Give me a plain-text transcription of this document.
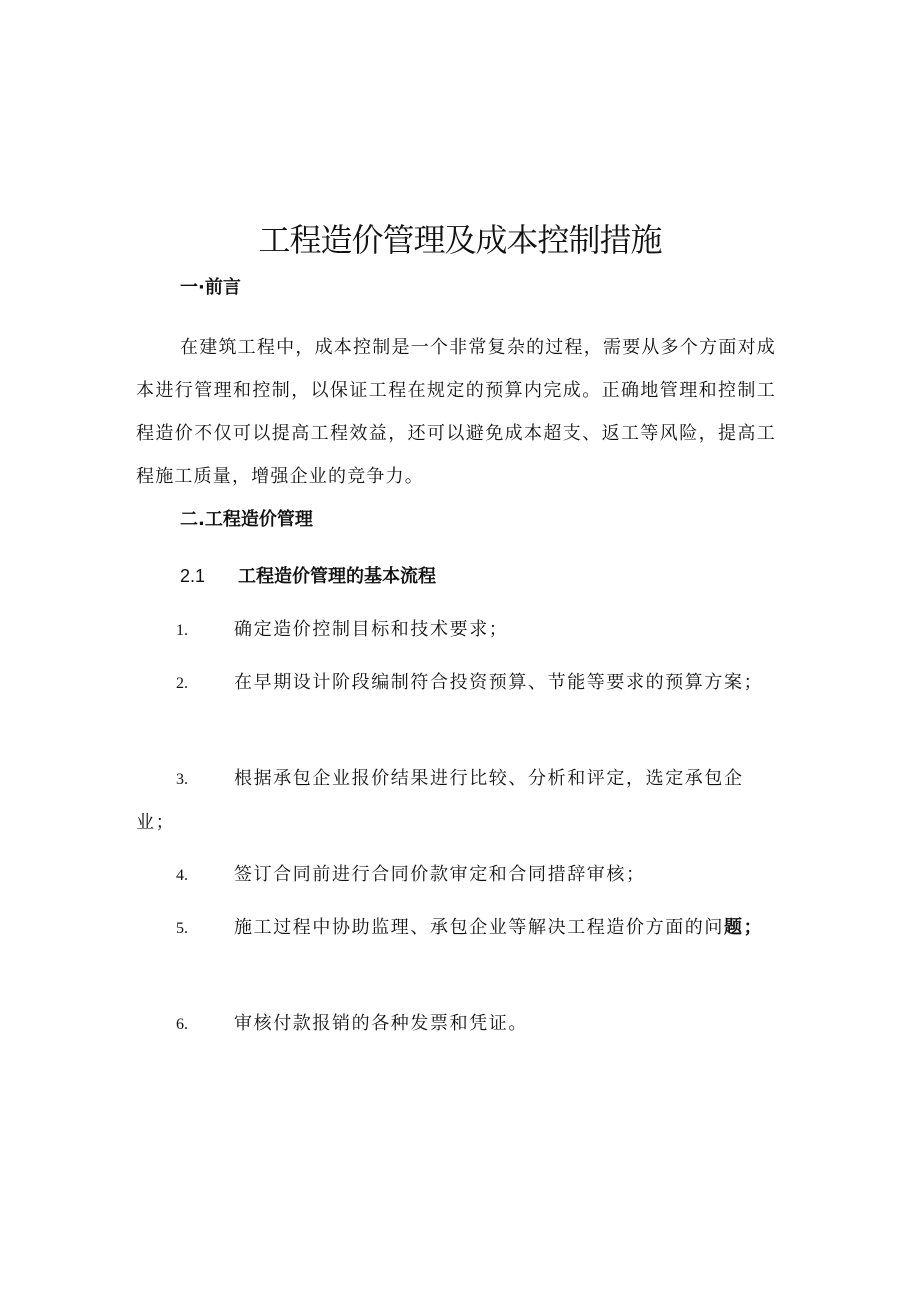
工程造价管理及成本控制措施
一·前言

在建筑工程中，成本控制是一个非常复杂的过程，需要从多个方面对成本进行管理和控制，以保证工程在规定的预算内完成。正确地管理和控制工程造价不仅可以提高工程效益，还可以避免成本超支、返工等风险，提高工程施工质量，增强企业的竞争力。

二.工程造价管理
2.1 工程造价管理的基本流程

1.	确定造价控制目标和技术要求；

2.	在早期设计阶段编制符合投资预算、节能等要求的预算方案；

3.	根据承包企业报价结果进行比较、分析和评定，选定承包企业；

4.	签订合同前进行合同价款审定和合同措辞审核；

5.	施工过程中协助监理、承包企业等解决工程造价方面的问题；

6.	审核付款报销的各种发票和凭证。
